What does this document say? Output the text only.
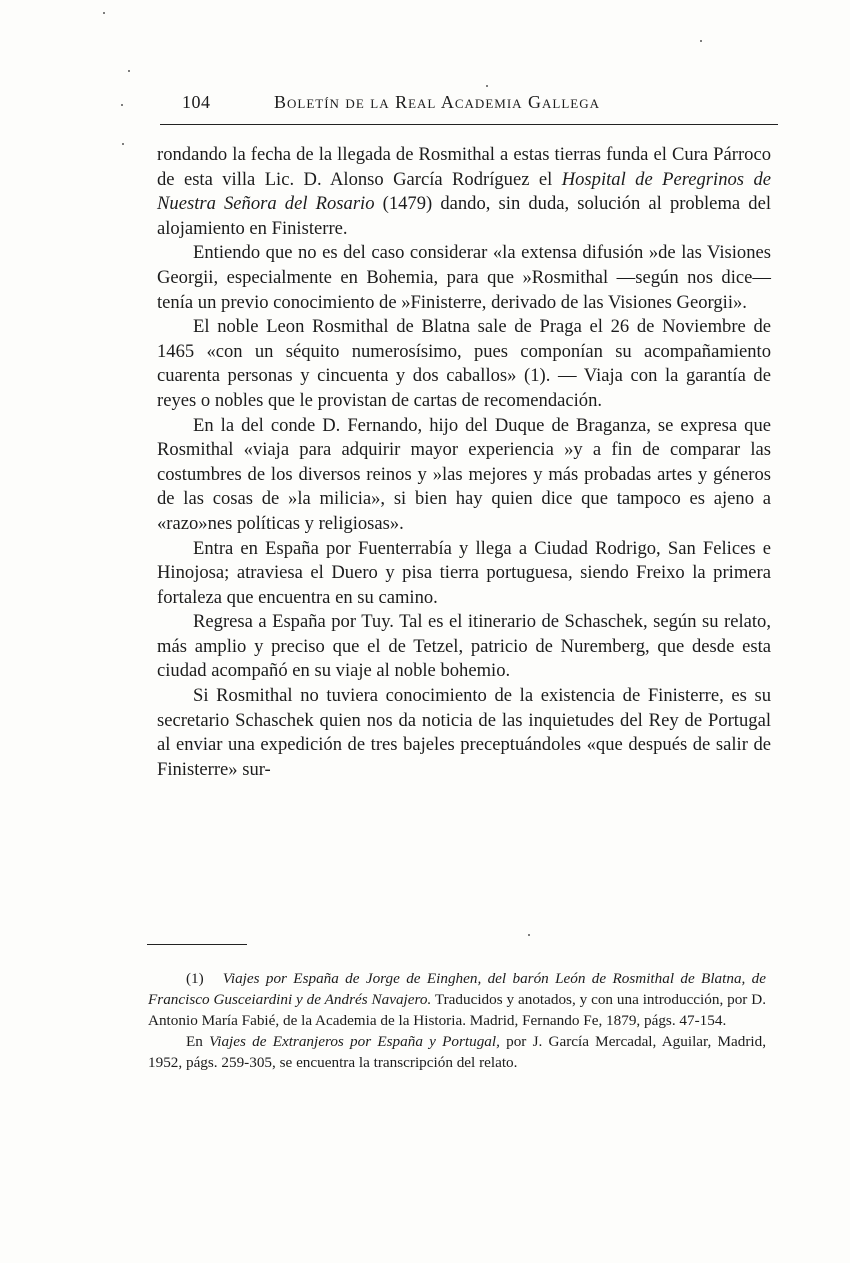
104	Boletín de la Real Academia Gallega

rondando la fecha de la llegada de Rosmithal a estas tierras funda el Cura Párroco de esta villa Lic. D. Alonso García Rodríguez el Hospital de Peregrinos de Nuestra Señora del Rosario (1479) dando, sin duda, solución al problema del alojamiento en Finisterre.

Entiendo que no es del caso considerar «la extensa difusión »de las Visiones Georgii, especialmente en Bohemia, para que »Rosmithal —según nos dice— tenía un previo conocimiento de »Finisterre, derivado de las Visiones Georgii».

El noble Leon Rosmithal de Blatna sale de Praga el 26 de Noviembre de 1465 «con un séquito numerosísimo, pues componían su acompañamiento cuarenta personas y cincuenta y dos caballos» (1). — Viaja con la garantía de reyes o nobles que le provistan de cartas de recomendación.

En la del conde D. Fernando, hijo del Duque de Braganza, se expresa que Rosmithal «viaja para adquirir mayor experiencia »y a fin de comparar las costumbres de los diversos reinos y »las mejores y más probadas artes y géneros de las cosas de »la milicia», si bien hay quien dice que tampoco es ajeno a «razo»nes políticas y religiosas».

Entra en España por Fuenterrabía y llega a Ciudad Rodrigo, San Felices e Hinojosa; atraviesa el Duero y pisa tierra portuguesa, siendo Freixo la primera fortaleza que encuentra en su camino.

Regresa a España por Tuy. Tal es el itinerario de Schaschek, según su relato, más amplio y preciso que el de Tetzel, patricio de Nuremberg, que desde esta ciudad acompañó en su viaje al noble bohemio.

Si Rosmithal no tuviera conocimiento de la existencia de Finisterre, es su secretario Schaschek quien nos da noticia de las inquietudes del Rey de Portugal al enviar una expedición de tres bajeles preceptuándoles «que después de salir de Finisterre» sur-

(1) Viajes por España de Jorge de Einghen, del barón León de Rosmithal de Blatna, de Francisco Gusceiardini y de Andrés Navajero. Traducidos y anotados, y con una introducción, por D. Antonio María Fabié, de la Academia de la Historia. Madrid, Fernando Fe, 1879, págs. 47-154.

En Viajes de Extranjeros por España y Portugal, por J. García Mercadal, Aguilar, Madrid, 1952, págs. 259-305, se encuentra la transcripción del relato.
